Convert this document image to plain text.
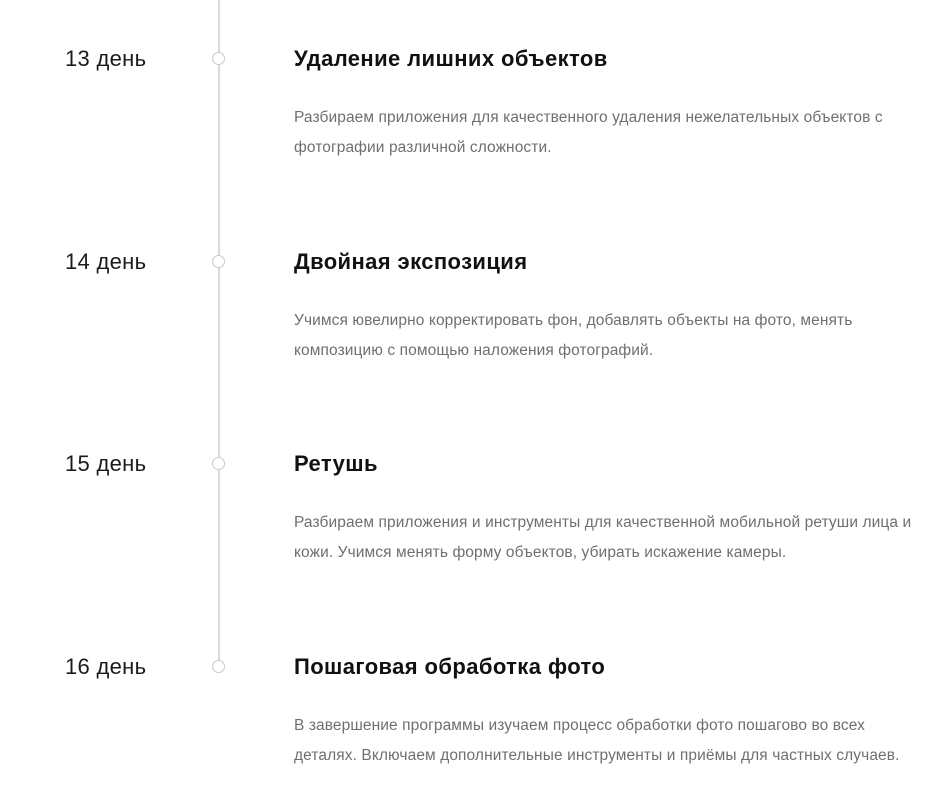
13 день	Удаление лишних объектов

Разбираем приложения для качественного удаления нежелательных объектов с фотографии различной сложности.

14 день	Двойная экспозиция

Учимся ювелирно корректировать фон, добавлять объекты на фото, менять композицию с помощью наложения фотографий.

15 день	Ретушь

Разбираем приложения и инструменты для качественной мобильной ретуши лица и кожи. Учимся менять форму объектов, убирать искажение камеры.

16 день	Пошаговая обработка фото

В завершение программы изучаем процесс обработки фото пошагово во всех деталях. Включаем дополнительные инструменты и приёмы для частных случаев.
